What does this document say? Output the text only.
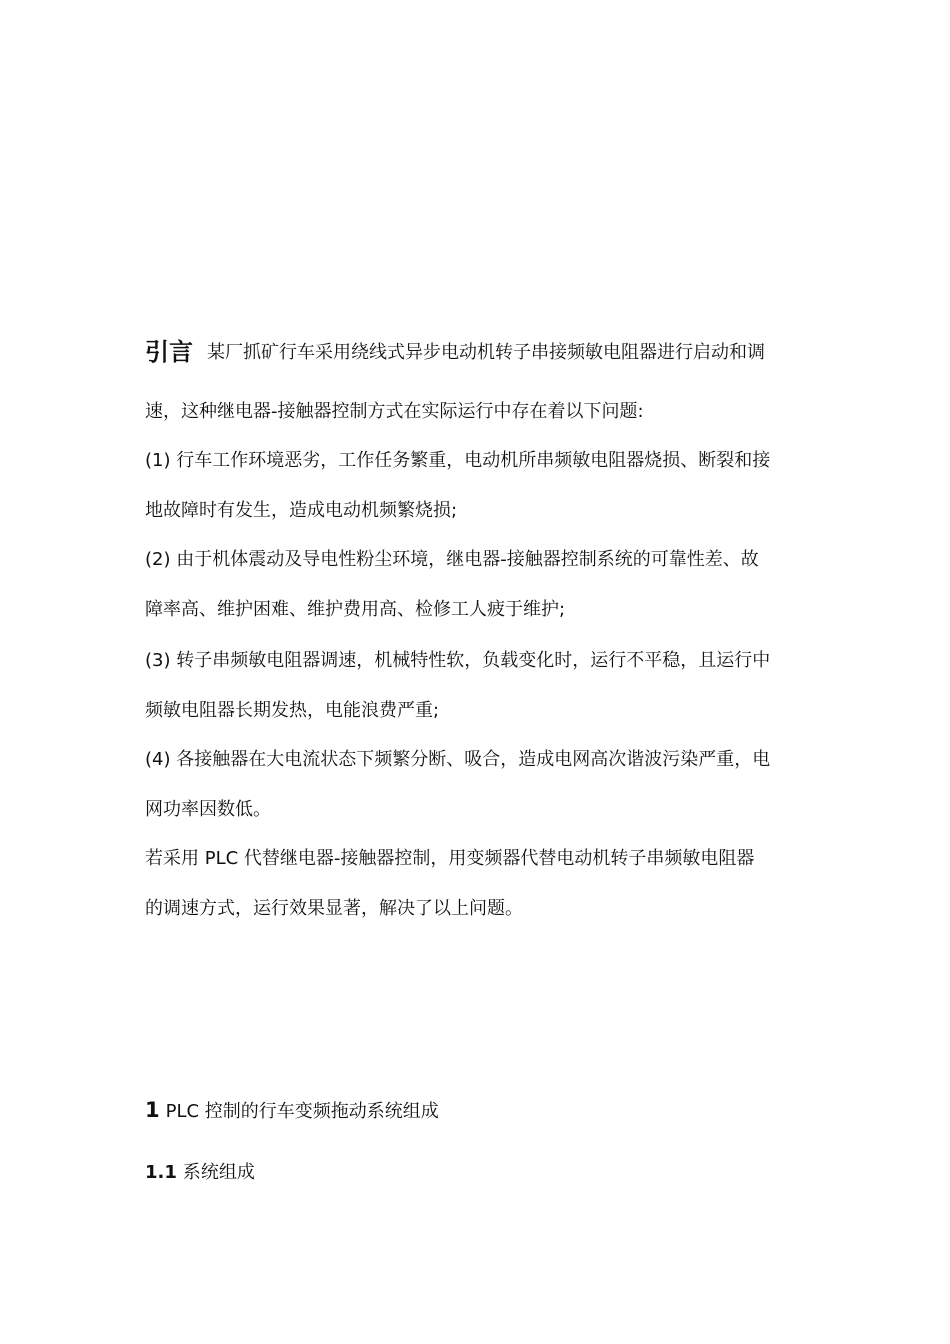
引言 某厂抓矿行车采用绕线式异步电动机转子串接频敏电阻器进行启动和调
速，这种继电器-接触器控制方式在实际运行中存在着以下问题:
(1) 行车工作环境恶劣，工作任务繁重，电动机所串频敏电阻器烧损、断裂和接
地故障时有发生，造成电动机频繁烧损;
(2) 由于机体震动及导电性粉尘环境，继电器-接触器控制系统的可靠性差、故
障率高、维护困难、维护费用高、检修工人疲于维护;
(3) 转子串频敏电阻器调速，机械特性软，负载变化时，运行不平稳，且运行中
频敏电阻器长期发热，电能浪费严重;
(4) 各接触器在大电流状态下频繁分断、吸合，造成电网高次谐波污染严重，电
网功率因数低。
若采用 PLC 代替继电器-接触器控制，用变频器代替电动机转子串频敏电阻器
的调速方式，运行效果显著，解决了以上问题。
1 PLC 控制的行车变频拖动系统组成
1.1 系统组成
